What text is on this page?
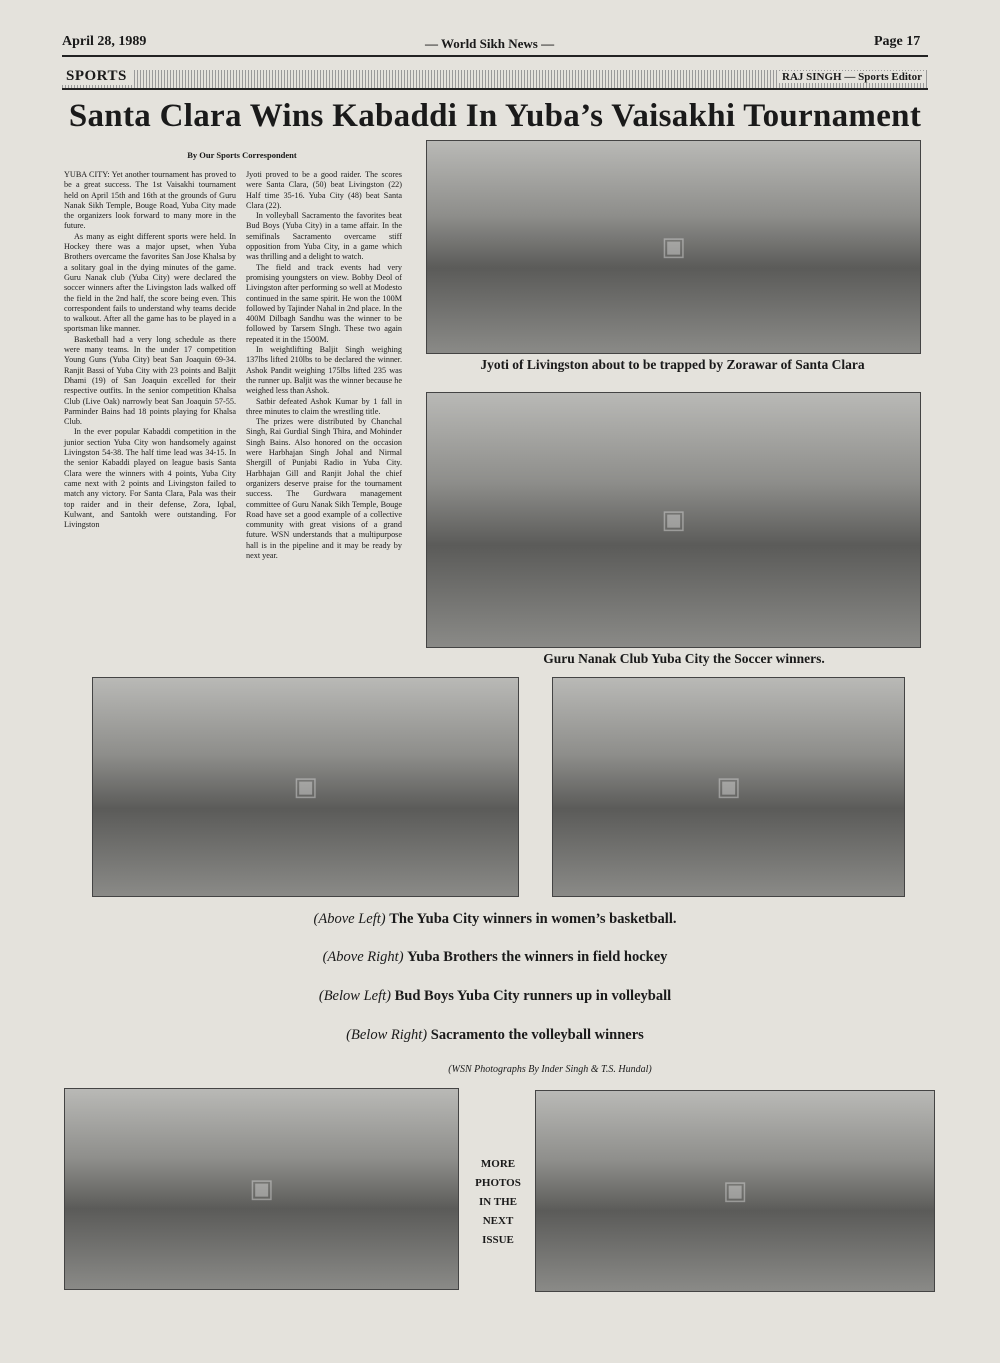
April 28, 1989	— World Sikh News —	Page 17
SPORTS	RAJ SINGH — Sports Editor
Santa Clara Wins Kabaddi In Yuba’s Vaisakhi Tournament
By Our Sports Correspondent

YUBA CITY: Yet another tournament has proved to be a great success. The 1st Vaisakhi tournament held on April 15th and 16th at the grounds of Guru Nanak Sikh Temple, Bouge Road, Yuba City made the organizers look forward to many more in the future.

As many as eight different sports were held. In Hockey there was a major upset, when Yuba Brothers overcame the favorites San Jose Khalsa by a solitary goal in the dying minutes of the game. Guru Nanak club (Yuba City) were declared the soccer winners after the Livingston lads walked off the field in the 2nd half, the score being even. This correspondent fails to understand why teams decide to walkout. After all the game has to be played in a sportsman like manner.

Basketball had a very long schedule as there were many teams. In the under 17 competition Young Guns (Yuba City) beat San Joaquin 69-34. Ranjit Bassi of Yuba City with 23 points and Baljit Dhami (19) of San Joaquin excelled for their respective outfits. In the senior competition Khalsa Club (Live Oak) narrowly beat San Joaquin 57-55. Parminder Bains had 18 points playing for Khalsa Club.

In the ever popular Kabaddi competition in the junior section Yuba City won handsomely against Livingston 54-38. The half time lead was 34-15. In the senior Kabaddi played on league basis Santa Clara were the winners with 4 points, Yuba City came next with 2 points and Livingston failed to match any victory. For Santa Clara, Pala was their top raider and in their defense, Zora, Iqbal, Kulwant, and Santokh were outstanding. For Livingston

Jyoti proved to be a good raider. The scores were Santa Clara, (50) beat Livingston (22) Half time 35-16. Yuba City (48) beat Santa Clara (22).

In volleyball Sacramento the favorites beat Bud Boys (Yuba City) in a tame affair. In the semifinals Sacramento overcame stiff opposition from Yuba City, in a game which was thrilling and a delight to watch.

The field and track events had very promising youngsters on view. Bobby Deol of Livingston after performing so well at Modesto continued in the same spirit. He won the 100M followed by Tajinder Nahal in 2nd place. In the 400M Dilbagh Sandhu was the winner to be followed by Tarsem SIngh. These two again repeated it in the 1500M.

In weightlifting Baljit Singh weighing 137lbs lifted 210lbs to be declared the winner. Ashok Pandit weighing 175lbs lifted 235 was the runner up. Baljit was the winner because he weighed less than Ashok.

Satbir defeated Ashok Kumar by 1 fall in three minutes to claim the wrestling title.

The prizes were distributed by Chanchal Singh, Rai Gurdial Singh Thira, and Mohinder Singh Bains. Also honored on the occasion were Harbhajan Singh Johal and Nirmal Shergill of Punjabi Radio in Yuba City. Harbhajan Gill and Ranjit Johal the chief organizers deserve praise for the tournament success. The Gurdwara management committee of Guru Nanak Sikh Temple, Bouge Road have set a good example of a collective community with great visions of a grand future. WSN understands that a multipurpose hall is in the pipeline and it may be ready by next year.

▣
Jyoti of Livingston about to be trapped by Zorawar of Santa Clara
▣
Guru Nanak Club Yuba City the Soccer winners.
▣	▣
(Above Left) The Yuba City winners in women’s basketball.
(Above Right) Yuba Brothers the winners in field hockey
(Below Left) Bud Boys Yuba City runners up in volleyball
(Below Right) Sacramento the volleyball winners
(WSN Photographs By Inder Singh & T.S. Hundal)
▣	▣
MORE
PHOTOS
IN THE
NEXT
ISSUE
